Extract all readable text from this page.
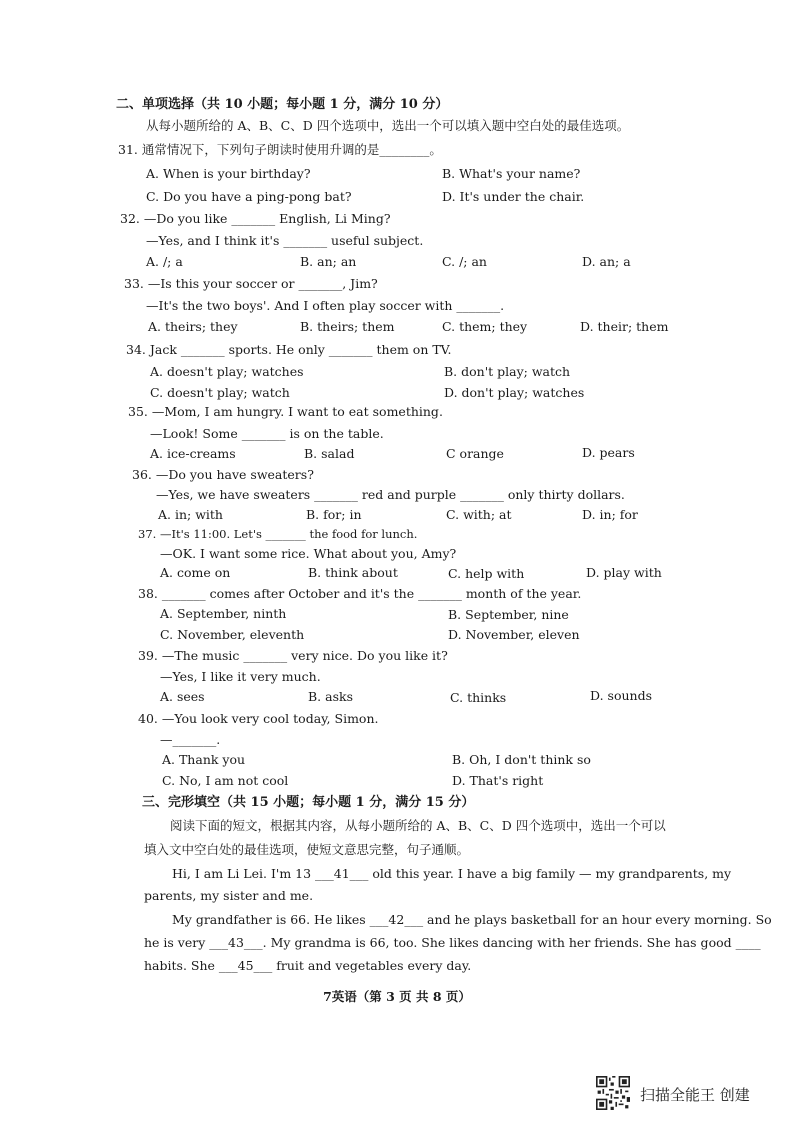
二、单项选择（共 10 小题；每小题 1 分，满分 10 分）
从每小题所给的 A、B、C、D 四个选项中，选出一个可以填入题中空白处的最佳选项。
31. 通常情况下，下列句子朗读时使用升调的是________。
A. When is your birthday?	B. What's your name?
C. Do you have a ping-pong bat?	D. It's under the chair.
32. —Do you like _______ English, Li Ming?
—Yes, and I think it's _______ useful subject.
A. /; a	B. an; an	C. /; an	D. an; a
33. —Is this your soccer or _______, Jim?
—It's the two boys'. And I often play soccer with _______.
A. theirs; they	B. theirs; them	C. them; they	D. their; them
34. Jack _______ sports. He only _______ them on TV.
A. doesn't play; watches	B. don't play; watch
C. doesn't play; watch	D. don't play; watches
35. —Mom, I am hungry. I want to eat something.
—Look! Some _______ is on the table.
A. ice-creams	B. salad	C orange	D. pears
36. —Do you have sweaters?
—Yes, we have sweaters _______ red and purple _______ only thirty dollars.
A. in; with	B. for; in	C. with; at	D. in; for
37. —It's 11:00. Let's _______ the food for lunch.
—OK. I want some rice. What about you, Amy?
A. come on	B. think about	C. help with	D. play with
38. _______ comes after October and it's the _______ month of the year.
A. September, ninth	B. September, nine
C. November, eleventh	D. November, eleven
39. —The music _______ very nice. Do you like it?
—Yes, I like it very much.
A. sees	B. asks	C. thinks	D. sounds
40. —You look very cool today, Simon.
—_______.
A. Thank you	B. Oh, I don't think so
C. No, I am not cool	D. That's right
三、完形填空（共 15 小题；每小题 1 分，满分 15 分）
阅读下面的短文，根据其内容，从每小题所给的 A、B、C、D 四个选项中，选出一个可以
填入文中空白处的最佳选项，使短文意思完整，句子通顺。
Hi, I am Li Lei. I'm 13 ___41___ old this year. I have a big family — my grandparents, my
parents, my sister and me.
My grandfather is 66. He likes ___42___ and he plays basketball for an hour every morning. So
he is very ___43___. My grandma is 66, too. She likes dancing with her friends. She has good ____
habits. She ___45___ fruit and vegetables every day.
7英语（第 3 页 共 8 页）
扫描全能王 创建
